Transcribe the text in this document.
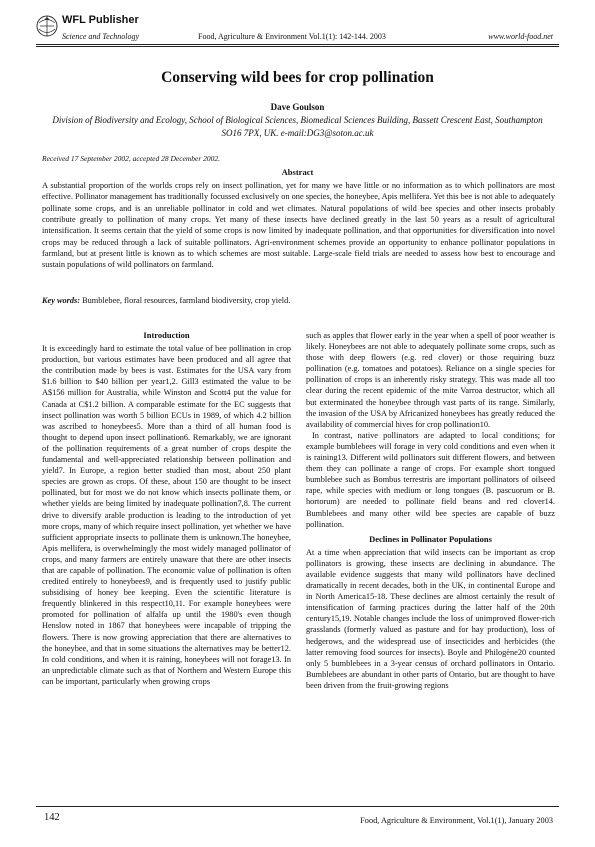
WFL Publisher
Science and Technology	Food, Agriculture & Environment Vol.1(1): 142-144. 2003	www.world-food.net
Conserving wild bees for crop pollination
Dave Goulson
Division of Biodiversity and Ecology, School of Biological Sciences, Biomedical Sciences Building, Bassett Crescent East, Southampton SO16 7PX, UK. e-mail:DG3@soton.ac.uk
Received 17 September 2002, accepted 28 December 2002.
Abstract
A substantial proportion of the worlds crops rely on insect pollination, yet for many we have little or no information as to which pollinators are most effective. Pollinator management has traditionally focussed exclusively on one species, the honeybee, Apis mellifera. Yet this bee is not able to adequately pollinate some crops, and is an unreliable pollinator in cold and wet climates. Natural populations of wild bee species and other insects probably contribute greatly to pollination of many crops. Yet many of these insects have declined greatly in the last 50 years as a result of agricultural intensification. It seems certain that the yield of some crops is now limited by inadequate pollination, and that opportunities for diversification into novel crops may be reduced through a lack of suitable pollinators. Agri-environment schemes provide an opportunity to enhance pollinator populations in farmland, but at present little is known as to which schemes are most suitable. Large-scale field trials are needed to assess how best to encourage and sustain populations of wild pollinators on farmland.
Key words: Bumblebee, floral resources, farmland biodiversity, crop yield.
Introduction

It is exceedingly hard to estimate the total value of bee pollination in crop production, but various estimates have been produced and all agree that the contribution made by bees is vast. Estimates for the USA vary from $1.6 billion to $40 billion per year1,2. Gill3 estimated the value to be A$156 million for Australia, while Winston and Scott4 put the value for Canada at C$1.2 billion. A comparable estimate for the EC suggests that insect pollination was worth 5 billion ECUs in 1989, of which 4.2 billion was ascribed to honeybees5. More than a third of all human food is thought to depend upon insect pollination6. Remarkably, we are ignorant of the pollination requirements of a great number of crops despite the fundamental and well-appreciated relationship between pollination and yield7. In Europe, a region better studied than most, about 250 plant species are grown as crops. Of these, about 150 are thought to be insect pollinated, but for most we do not know which insects pollinate them, or whether yields are being limited by inadequate pollination7,8. The current drive to diversify arable production is leading to the introduction of yet more crops, many of which require insect pollination, yet whether we have sufficient appropriate insects to pollinate them is unknown.The honeybee, Apis mellifera, is overwhelmingly the most widely managed pollinator of crops, and many farmers are entirely unaware that there are other insects that are capable of pollination. The economic value of pollination is often credited entirely to honeybees9, and is frequently used to justify public subsidising of honey bee keeping. Even the scientific literature is frequently blinkered in this respect10,11. For example honeybees were promoted for pollination of alfalfa up until the 1980's even though Henslow noted in 1867 that honeybees were incapable of tripping the flowers. There is now growing appreciation that there are alternatives to the honeybee, and that in some situations the alternatives may be better12. In cold conditions, and when it is raining, honeybees will not forage13. In an unpredictable climate such as that of Northern and Western Europe this can be important, particularly when growing crops

such as apples that flower early in the year when a spell of poor weather is likely. Honeybees are not able to adequately pollinate some crops, such as those with deep flowers (e.g. red clover) or those requiring buzz pollination (e.g. tomatoes and potatoes). Reliance on a single species for pollination of crops is an inherently risky strategy. This was made all too clear during the recent epidemic of the mite Varroa destructor, which all but exterminated the honeybee through vast parts of its range. Similarly, the invasion of the USA by Africanized honeybees has greatly reduced the availability of commercial hives for crop pollination10.

In contrast, native pollinators are adapted to local conditions; for example bumblebees will forage in very cold conditions and even when it is raining13. Different wild pollinators suit different flowers, and between them they can pollinate a range of crops. For example short tongued bumblebee such as Bombus terrestris are important pollinators of oilseed rape, while species with medium or long tongues (B. pascuorum or B. hortorum) are needed to pollinate field beans and red clover14. Bumblebees and many other wild bee species are capable of buzz pollination.

Declines in Pollinator Populations

At a time when appreciation that wild insects can be important as crop pollinators is growing, these insects are declining in abundance. The available evidence suggests that many wild pollinators have declined dramatically in recent decades, both in the UK, in continental Europe and in North America15-18. These declines are almost certainly the result of intensification of farming practices during the latter half of the 20th century15,19. Notable changes include the loss of unimproved flower-rich grasslands (formerly valued as pasture and for hay production), loss of hedgerows, and the widespread use of insecticides and herbicides (the latter removing food sources for insects). Boyle and Philogène20 counted only 5 bumblebees in a 3-year census of orchard pollinators in Ontario. Bumblebees are abundant in other parts of Ontario, but are thought to have been driven from the fruit-growing regions

142	Food, Agriculture & Environment, Vol.1(1), January 2003
